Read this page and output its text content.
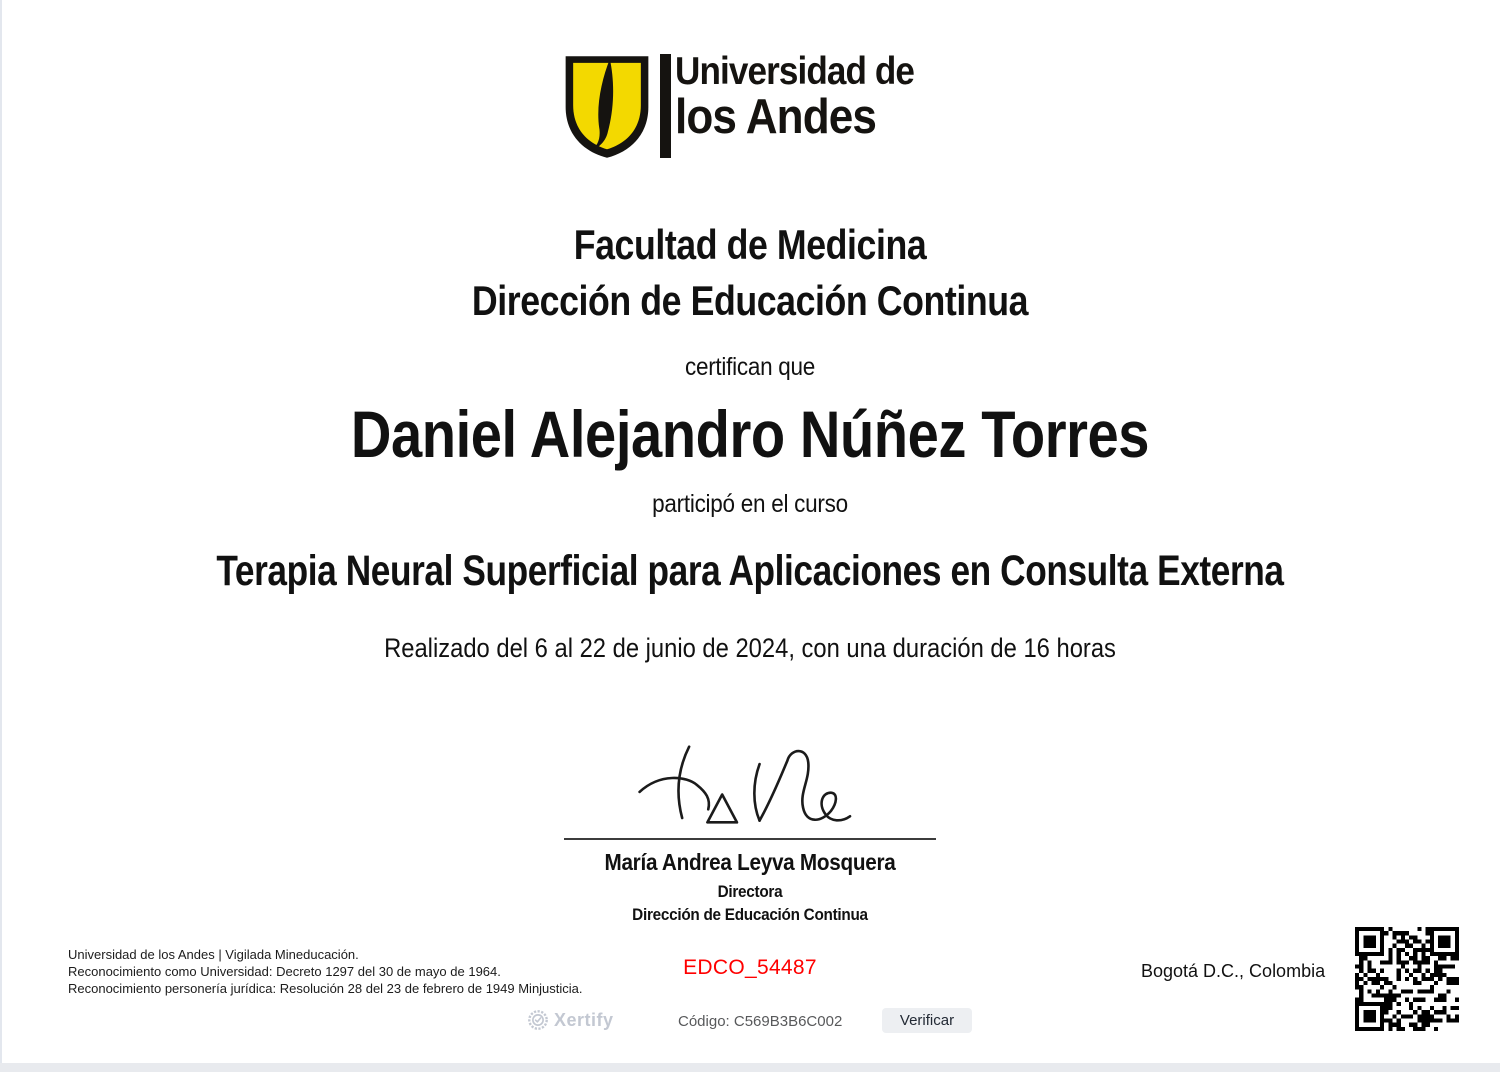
Universidad de
los Andes
Facultad de Medicina
Dirección de Educación Continua
certifican que
Daniel Alejandro Núñez Torres
participó en el curso
Terapia Neural Superficial para Aplicaciones en Consulta Externa
Realizado del 6 al 22 de junio de 2024, con una duración de 16 horas
María Andrea Leyva Mosquera
Directora
Dirección de Educación Continua
Universidad de los Andes | Vigilada Mineducación.
Reconocimiento como Universidad: Decreto 1297 del 30 de mayo de 1964.
Reconocimiento personería jurídica: Resolución 28 del 23 de febrero de 1949 Minjusticia.
EDCO_54487	Bogotá D.C., Colombia
Xertify	Código: C569B3B6C002	Verificar
